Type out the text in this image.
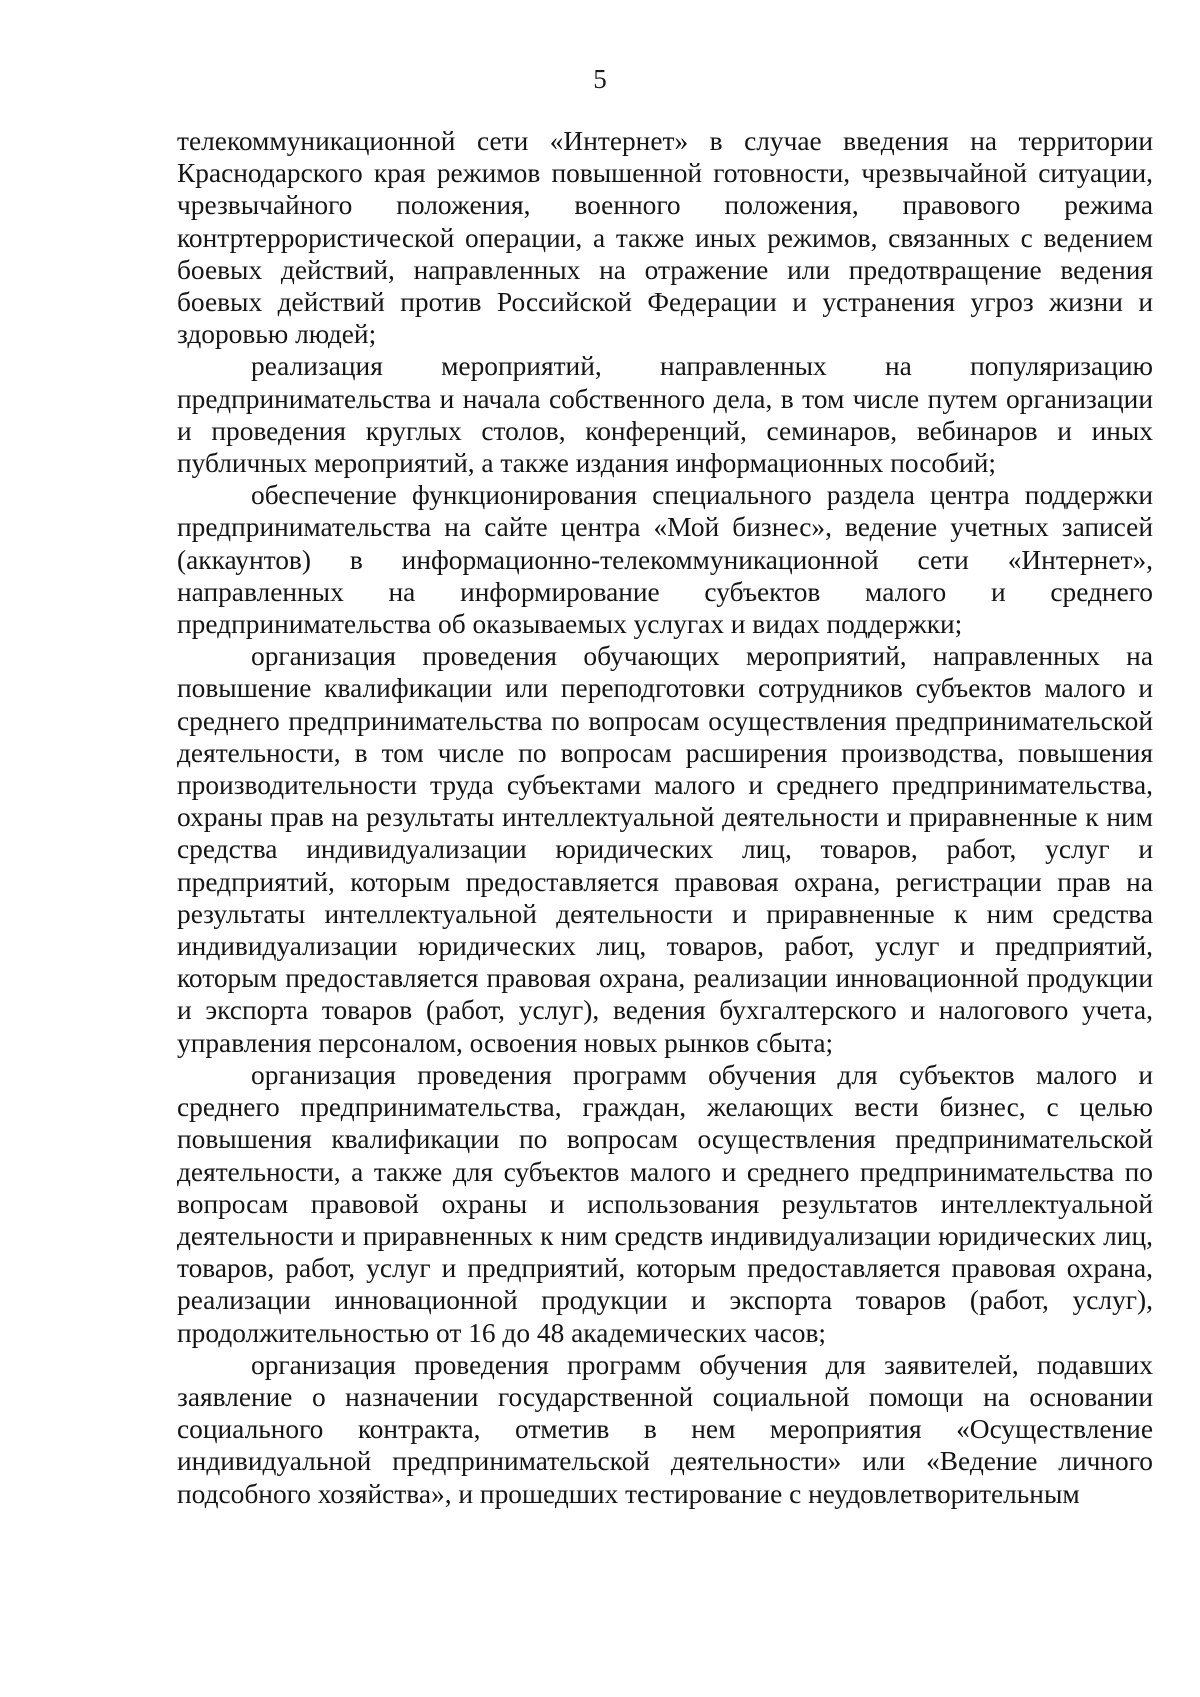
5

телекоммуникационной сети «Интернет» в случае введения на территории Краснодарского края режимов повышенной готовности, чрезвычайной ситуации, чрезвычайного положения, военного положения, правового режима контртеррористической операции, а также иных режимов, связанных с ведением боевых действий, направленных на отражение или предотвращение ведения боевых действий против Российской Федерации и устранения угроз жизни и здоровью людей;

реализация мероприятий, направленных на популяризацию предпринимательства и начала собственного дела, в том числе путем организации и проведения круглых столов, конференций, семинаров, вебинаров и иных публичных мероприятий, а также издания информационных пособий;

обеспечение функционирования специального раздела центра поддержки предпринимательства на сайте центра «Мой бизнес», ведение учетных записей (аккаунтов) в информационно-телекоммуникационной сети «Интернет», направленных на информирование субъектов малого и среднего предпринимательства об оказываемых услугах и видах поддержки;

организация проведения обучающих мероприятий, направленных на повышение квалификации или переподготовки сотрудников субъектов малого и среднего предпринимательства по вопросам осуществления предпринимательской деятельности, в том числе по вопросам расширения производства, повышения производительности труда субъектами малого и среднего предпринимательства, охраны прав на результаты интеллектуальной деятельности и приравненные к ним средства индивидуализации юридических лиц, товаров, работ, услуг и предприятий, которым предоставляется правовая охрана, регистрации прав на результаты интеллектуальной деятельности и приравненные к ним средства индивидуализации юридических лиц, товаров, работ, услуг и предприятий, которым предоставляется правовая охрана, реализации инновационной продукции и экспорта товаров (работ, услуг), ведения бухгалтерского и налогового учета, управления персоналом, освоения новых рынков сбыта;

организация проведения программ обучения для субъектов малого и среднего предпринимательства, граждан, желающих вести бизнес, с целью повышения квалификации по вопросам осуществления предпринимательской деятельности, а также для субъектов малого и среднего предпринимательства по вопросам правовой охраны и использования результатов интеллектуальной деятельности и приравненных к ним средств индивидуализации юридических лиц, товаров, работ, услуг и предприятий, которым предоставляется правовая охрана, реализации инновационной продукции и экспорта товаров (работ, услуг), продолжительностью от 16 до 48 академических часов;

организация проведения программ обучения для заявителей, подавших заявление о назначении государственной социальной помощи на основании социального контракта, отметив в нем мероприятия «Осуществление индивидуальной предпринимательской деятельности» или «Ведение личного подсобного хозяйства», и прошедших тестирование с неудовлетворительным
